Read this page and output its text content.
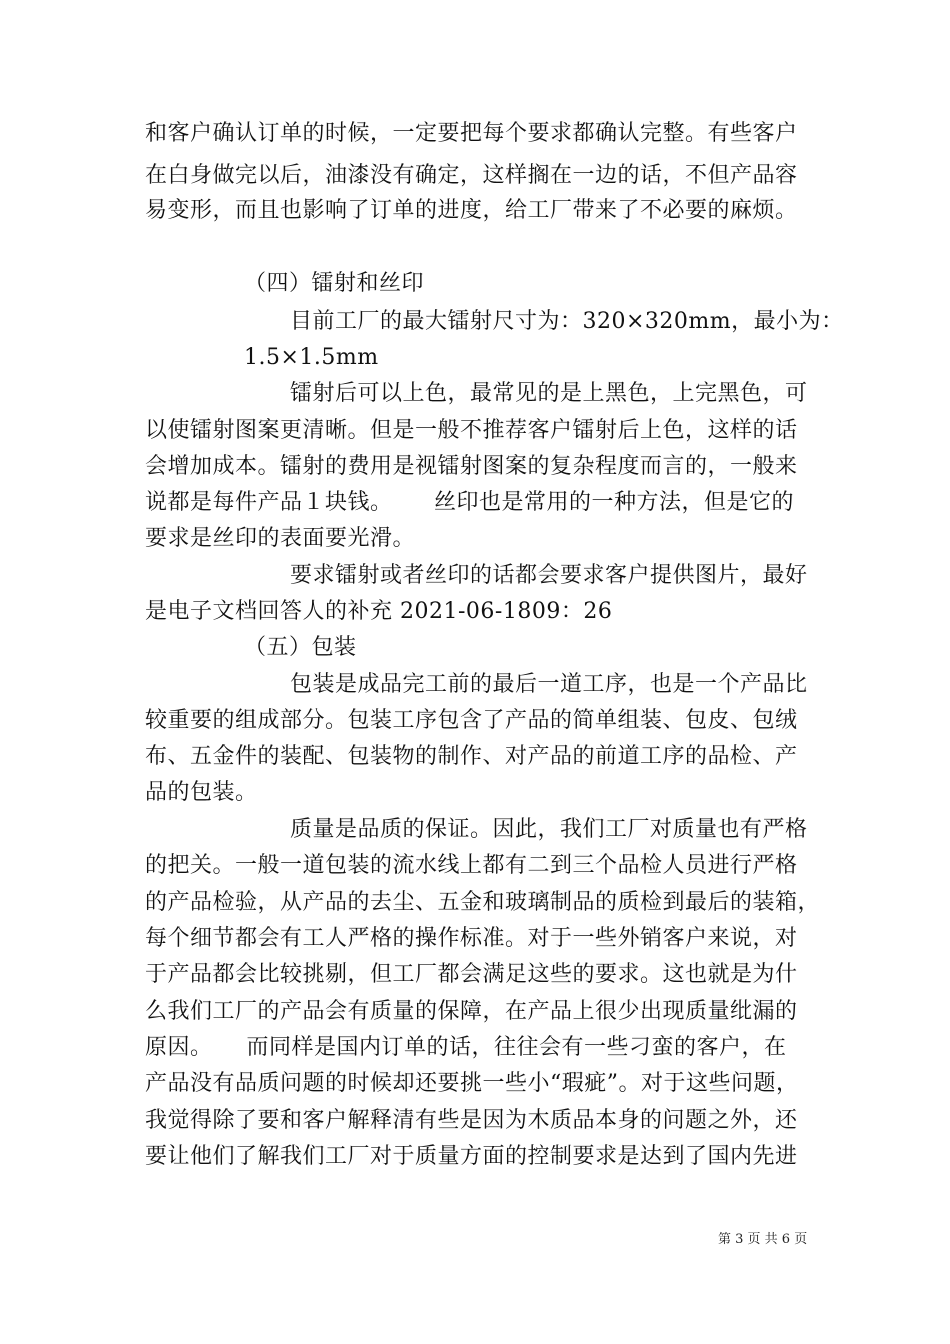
和客户确认订单的时候，一定要把每个要求都确认完整。有些客户
在白身做完以后，油漆没有确定，这样搁在一边的话，不但产品容
易变形，而且也影响了订单的进度，给工厂带来了不必要的麻烦。
（四）镭射和丝印
目前工厂的最大镭射尺寸为：320×320mm，最小为：
1.5×1.5mm
镭射后可以上色，最常见的是上黑色，上完黑色，可
以使镭射图案更清晰。但是一般不推荐客户镭射后上色，这样的话
会增加成本。镭射的费用是视镭射图案的复杂程度而言的，一般来
说都是每件产品１块钱。　　 丝印也是常用的一种方法，但是它的
要求是丝印的表面要光滑。
要求镭射或者丝印的话都会要求客户提供图片，最好
是电子文档回答人的补充 2021-06-1809：26
（五）包装
包装是成品完工前的最后一道工序，也是一个产品比
较重要的组成部分。包装工序包含了产品的简单组装、包皮、包绒
布、五金件的装配、包装物的制作、对产品的前道工序的品检、产
品的包装。
质量是品质的保证。因此，我们工厂对质量也有严格
的把关。一般一道包装的流水线上都有二到三个品检人员进行严格
的产品检验，从产品的去尘、五金和玻璃制品的质检到最后的装箱，
每个细节都会有工人严格的操作标准。对于一些外销客户来说，对
于产品都会比较挑剔，但工厂都会满足这些的要求。这也就是为什
么我们工厂的产品会有质量的保障，在产品上很少出现质量纰漏的
原因。　　而同样是国内订单的话，往往会有一些刁蛮的客户，在
产品没有品质问题的时候却还要挑一些小“瑕疵”。对于这些问题，
我觉得除了要和客户解释清有些是因为木质品本身的问题之外，还
要让他们了解我们工厂对于质量方面的控制要求是达到了国内先进
第 3 页 共 6 页
